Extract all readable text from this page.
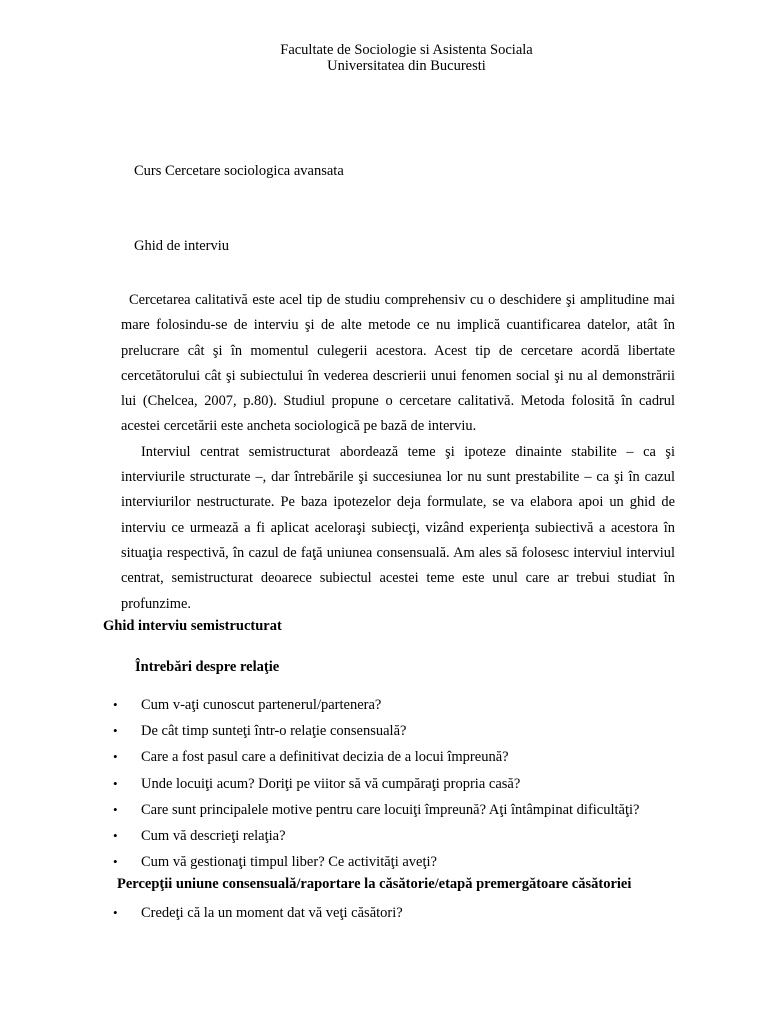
Facultate de Sociologie si Asistenta Sociala
Universitatea din Bucuresti
Curs Cercetare sociologica avansata
Ghid de interviu

Cercetarea calitativă este acel tip de studiu comprehensiv cu o deschidere şi amplitudine mai mare folosindu-se de interviu şi de alte metode ce nu implică cuantificarea datelor, atât în prelucrare cât şi în momentul culegerii acestora. Acest tip de cercetare acordă libertate cercetătorului cât şi subiectului în vederea descrierii unui fenomen social şi nu al demonstrării lui (Chelcea, 2007, p.80). Studiul propune o cercetare calitativă. Metoda folosită în cadrul acestei cercetării este ancheta sociologică pe bază de interviu.

Interviul centrat semistructurat abordează teme şi ipoteze dinainte stabilite – ca şi interviurile structurate –, dar întrebările şi succesiunea lor nu sunt prestabilite – ca şi în cazul interviurilor nestructurate. Pe baza ipotezelor deja formulate, se va elabora apoi un ghid de interviu ce urmează a fi aplicat aceloraşi subiecţi, vizând experienţa subiectivă a acestora în situaţia respectivă, în cazul de faţă uniunea consensuală. Am ales să folosesc interviul interviul centrat, semistructurat deoarece subiectul acestei teme este unul care ar trebui studiat în profunzime.

Ghid interviu semistructurat
Întrebări despre relaţie
• Cum v-aţi cunoscut partenerul/partenera?
• De cât timp sunteţi într-o relaţie consensuală?
• Care a fost pasul care a definitivat decizia de a locui împreună?
• Unde locuiţi acum? Doriţi pe viitor să vă cumpăraţi propria casă?
• Care sunt principalele motive pentru care locuiţi împreună? Aţi întâmpinat dificultăţi?
• Cum vă descrieţi relaţia?
• Cum vă gestionaţi timpul liber? Ce activităţi aveţi?
Percepţii uniune consensuală/raportare la căsătorie/etapă premergătoare căsătoriei
• Credeţi că la un moment dat vă veţi căsători?
